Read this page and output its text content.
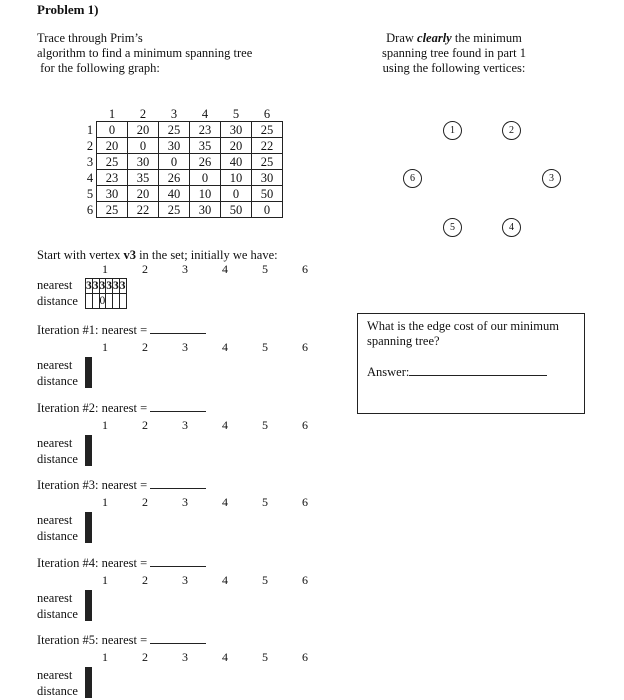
Problem 1)
Trace through Prim’s
algorithm to find a minimum spanning tree
for the following graph:
Draw clearly the minimum
spanning tree found in part 1
using the following vertices:
	1	2	3	4	5	6
1	0	20	25	23	30	25
2	20	0	30	35	20	22
3	25	30	0	26	40	25
4	23	35	26	0	10	30
5	30	20	40	10	0	50
6	25	22	25	30	50	0
1	2
3
4
5
6
Start with vertex v3 in the set; initially we have:
1	2	3	4	5	6
nearest
distance
3	3	3	3	3	3
		0			
Iteration #1: nearest =
1	2	3	4	5	6
nearest
distance

Iteration #2: nearest =
1	2	3	4	5	6
nearest
distance

Iteration #3: nearest =
1	2	3	4	5	6
nearest
distance

Iteration #4: nearest =
1	2	3	4	5	6
nearest
distance

Iteration #5: nearest =
1	2	3	4	5	6
nearest
distance

What is the edge cost of our minimum spanning tree?
Answer:
